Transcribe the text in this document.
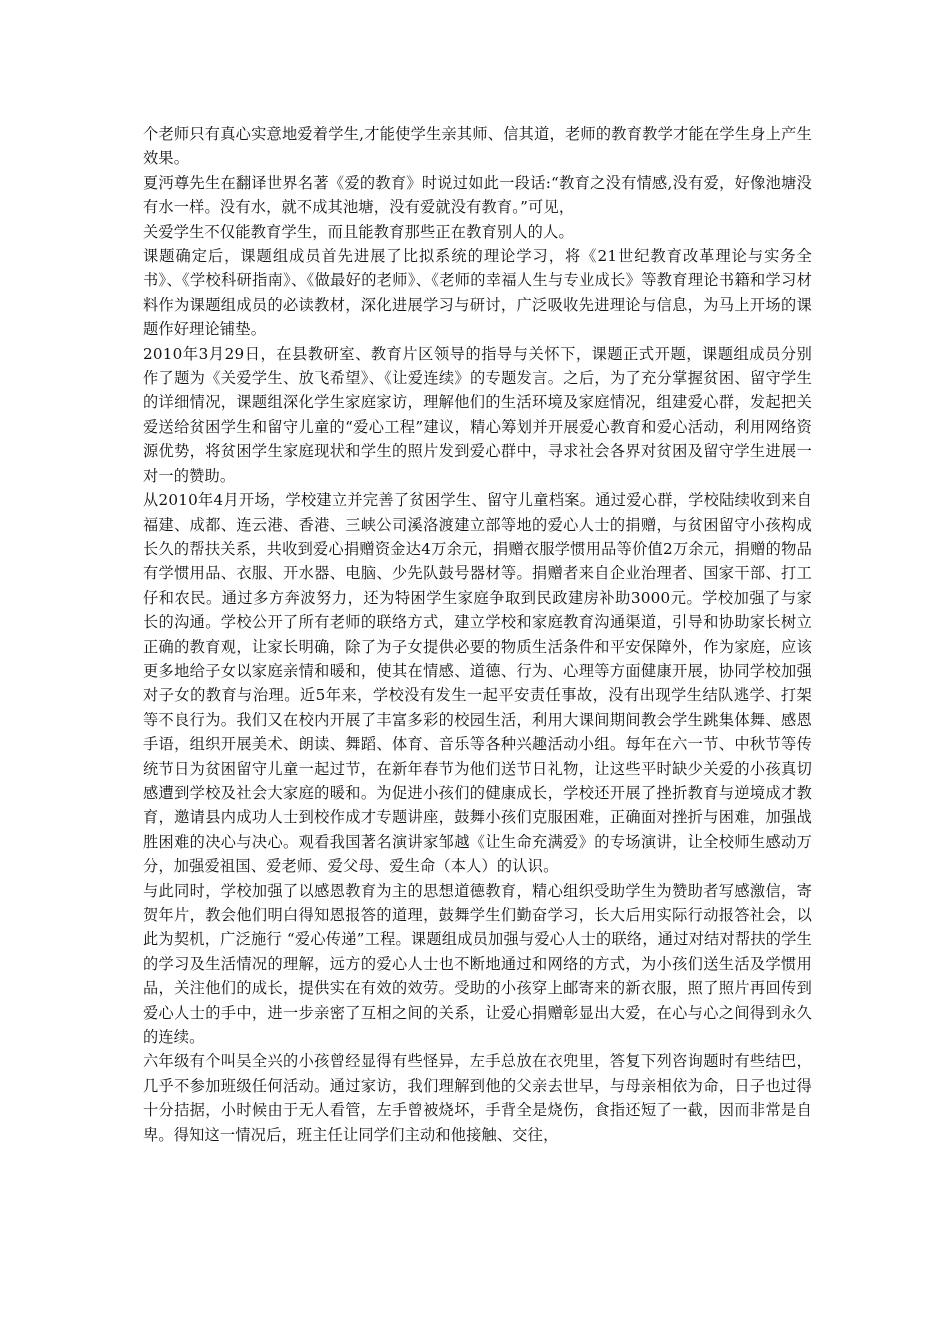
个老师只有真心实意地爱着学生,才能使学生亲其师、信其道，老师的教育教学才能在学生身上产生效果。

夏沔尊先生在翻译世界名著《爱的教育》时说过如此一段话:“教育之没有情感,没有爱，好像池塘没有水一样。没有水，就不成其池塘，没有爱就没有教育。”可见，

关爱学生不仅能教育学生，而且能教育那些正在教育别人的人。

课题确定后，课题组成员首先进展了比拟系统的理论学习，将《21世纪教育改革理论与实务全书》、《学校科研指南》、《做最好的老师》、《老师的幸福人生与专业成长》等教育理论书籍和学习材料作为课题组成员的必读教材，深化进展学习与研讨，广泛吸收先进理论与信息，为马上开场的课题作好理论铺垫。

2010年3月29日，在县教研室、教育片区领导的指导与关怀下，课题正式开题，课题组成员分别作了题为《关爱学生、放飞希望》、《让爱连续》的专题发言。之后，为了充分掌握贫困、留守学生的详细情况，课题组深化学生家庭家访，理解他们的生活环境及家庭情况，组建爱心群，发起把关爱送给贫困学生和留守儿童的“爱心工程”建议，精心筹划并开展爱心教育和爱心活动，利用网络资源优势，将贫困学生家庭现状和学生的照片发到爱心群中，寻求社会各界对贫困及留守学生进展一对一的赞助。

从2010年4月开场，学校建立并完善了贫困学生、留守儿童档案。通过爱心群，学校陆续收到来自福建、成都、连云港、香港、三峡公司溪洛渡建立部等地的爱心人士的捐赠，与贫困留守小孩构成长久的帮扶关系，共收到爱心捐赠资金达4万余元，捐赠衣服学惯用品等价值2万余元，捐赠的物品有学惯用品、衣服、开水器、电脑、少先队鼓号器材等。捐赠者来自企业治理者、国家干部、打工仔和农民。通过多方奔波努力，还为特困学生家庭争取到民政建房补助3000元。学校加强了与家长的沟通。学校公开了所有老师的联络方式，建立学校和家庭教育沟通渠道，引导和协助家长树立正确的教育观，让家长明确，除了为子女提供必要的物质生活条件和平安保障外，作为家庭，应该更多地给子女以家庭亲情和暖和，使其在情感、道德、行为、心理等方面健康开展，协同学校加强对子女的教育与治理。近5年来，学校没有发生一起平安责任事故，没有出现学生结队逃学、打架等不良行为。我们又在校内开展了丰富多彩的校园生活，利用大课间期间教会学生跳集体舞、感恩手语，组织开展美术、朗读、舞蹈、体育、音乐等各种兴趣活动小组。每年在六一节、中秋节等传统节日为贫困留守儿童一起过节，在新年春节为他们送节日礼物，让这些平时缺少关爱的小孩真切感遭到学校及社会大家庭的暖和。为促进小孩们的健康成长，学校还开展了挫折教育与逆境成才教育，邀请县内成功人士到校作成才专题讲座，鼓舞小孩们克服困难，正确面对挫折与困难，加强战胜困难的决心与决心。观看我国著名演讲家邹越《让生命充满爱》的专场演讲，让全校师生感动万分，加强爱祖国、爱老师、爱父母、爱生命（本人）的认识。

与此同时，学校加强了以感恩教育为主的思想道德教育，精心组织受助学生为赞助者写感激信，寄贺年片，教会他们明白得知恩报答的道理，鼓舞学生们勤奋学习，长大后用实际行动报答社会，以此为契机，广泛施行 “爱心传递”工程。课题组成员加强与爱心人士的联络，通过对结对帮扶的学生的学习及生活情况的理解，远方的爱心人士也不断地通过和网络的方式，为小孩们送生活及学惯用品，关注他们的成长，提供实在有效的效劳。受助的小孩穿上邮寄来的新衣服，照了照片再回传到爱心人士的手中，进一步亲密了互相之间的关系，让爱心捐赠彰显出大爱，在心与心之间得到永久的连续。

六年级有个叫吴全兴的小孩曾经显得有些怪异，左手总放在衣兜里，答复下列咨询题时有些结巴，几乎不参加班级任何活动。通过家访，我们理解到他的父亲去世早，与母亲相依为命，日子也过得十分拮据，小时候由于无人看管，左手曾被烧坏，手背全是烧伤，食指还短了一截，因而非常是自卑。得知这一情况后，班主任让同学们主动和他接触、交往，
